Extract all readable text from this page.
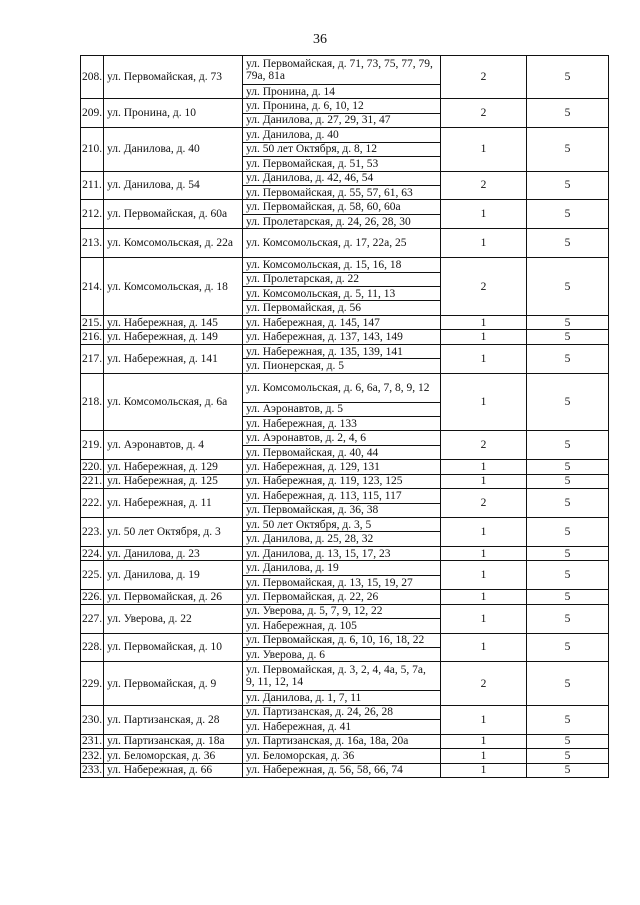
36
208.	ул. Первомайская, д. 73	ул. Первомайская, д. 71, 73, 75, 77, 79, 79а, 81а	2	5
		ул. Пронина, д. 14		
209.	ул. Пронина, д. 10	ул. Пронина, д. 6, 10, 12	2	5
		ул. Данилова, д. 27, 29, 31, 47		
210.	ул. Данилова, д. 40	ул. Данилова, д. 40	1	5
		ул. 50 лет Октября, д. 8, 12		
		ул. Первомайская, д. 51, 53		
211.	ул. Данилова, д. 54	ул. Данилова, д. 42, 46, 54	2	5
		ул. Первомайская, д. 55, 57, 61, 63		
212.	ул. Первомайская, д. 60а	ул. Первомайская, д. 58, 60, 60а	1	5
		ул. Пролетарская, д. 24, 26, 28, 30		
213.	ул. Комсомольская, д. 22а	ул. Комсомольская, д. 17, 22а, 25	1	5
214.	ул. Комсомольская, д. 18	ул. Комсомольская, д. 15, 16, 18	2	5
		ул. Пролетарская, д. 22		
		ул. Комсомольская, д. 5, 11, 13		
		ул. Первомайская, д. 56		
215.	ул. Набережная, д. 145	ул. Набережная, д. 145, 147	1	5
216.	ул. Набережная, д. 149	ул. Набережная, д. 137, 143, 149	1	5
217.	ул. Набережная, д. 141	ул. Набережная, д. 135, 139, 141	1	5
		ул. Пионерская, д. 5		
218.	ул. Комсомольская, д. 6а	ул. Комсомольская, д. 6, 6а, 7, 8, 9, 12	1	5
		ул. Аэронавтов, д. 5		
		ул. Набережная, д. 133		
219.	ул. Аэронавтов, д. 4	ул. Аэронавтов, д. 2, 4, 6	2	5
		ул. Первомайская, д. 40, 44		
220.	ул. Набережная, д. 129	ул. Набережная, д. 129, 131	1	5
221.	ул. Набережная, д. 125	ул. Набережная, д. 119, 123, 125	1	5
222.	ул. Набережная, д. 11	ул. Набережная, д. 113, 115, 117	2	5
		ул. Первомайская, д. 36, 38		
223.	ул. 50 лет Октября, д. 3	ул. 50 лет Октября, д. 3, 5	1	5
		ул. Данилова, д. 25, 28, 32		
224.	ул. Данилова, д. 23	ул. Данилова, д. 13, 15, 17, 23	1	5
225.	ул. Данилова, д. 19	ул. Данилова, д. 19	1	5
		ул. Первомайская, д. 13, 15, 19, 27		
226.	ул. Первомайская, д. 26	ул. Первомайская, д. 22, 26	1	5
227.	ул. Уверова, д. 22	ул. Уверова, д. 5, 7, 9, 12, 22	1	5
		ул. Набережная, д. 105		
228.	ул. Первомайская, д. 10	ул. Первомайская, д. 6, 10, 16, 18, 22	1	5
		ул. Уверова, д. 6		
229.	ул. Первомайская, д. 9	ул. Первомайская, д. 3, 2, 4, 4а, 5, 7а, 9, 11, 12, 14	2	5
		ул. Данилова, д. 1, 7, 11		
230.	ул. Партизанская, д. 28	ул. Партизанская, д. 24, 26, 28	1	5
		ул. Набережная, д. 41		
231.	ул. Партизанская, д. 18а	ул. Партизанская, д. 16а, 18а, 20а	1	5
232.	ул. Беломорская, д. 36	ул. Беломорская, д. 36	1	5
233.	ул. Набережная, д. 66	ул. Набережная, д. 56, 58, 66, 74	1	5
